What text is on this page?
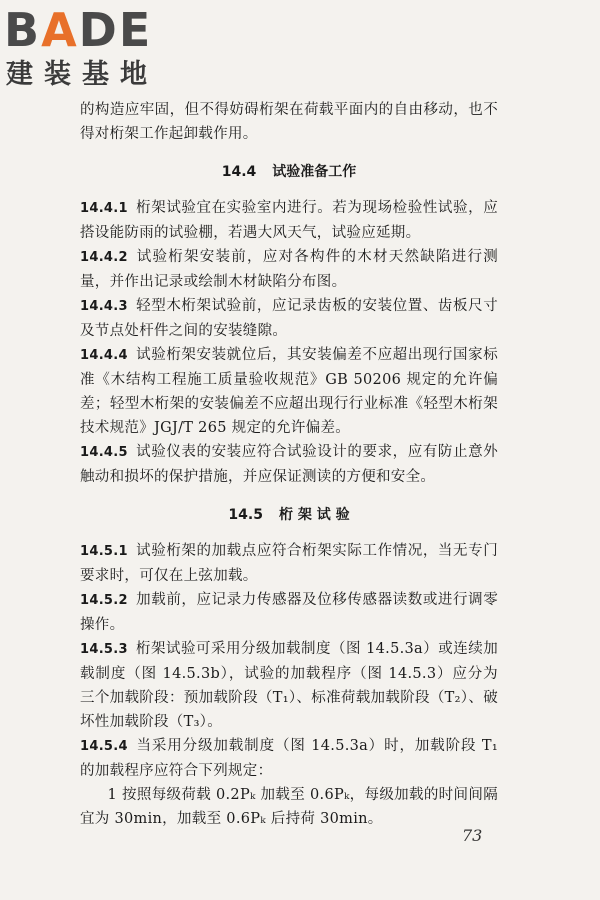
BADE
建装基地

的构造应牢固，但不得妨碍桁架在荷载平面内的自由移动，也不得对桁架工作起卸载作用。

14.4 试验准备工作

14.4.1 桁架试验宜在实验室内进行。若为现场检验性试验，应搭设能防雨的试验棚，若遇大风天气，试验应延期。

14.4.2 试验桁架安装前，应对各构件的木材天然缺陷进行测量，并作出记录或绘制木材缺陷分布图。

14.4.3 轻型木桁架试验前，应记录齿板的安装位置、齿板尺寸及节点处杆件之间的安装缝隙。

14.4.4 试验桁架安装就位后，其安装偏差不应超出现行国家标准《木结构工程施工质量验收规范》GB 50206 规定的允许偏差；轻型木桁架的安装偏差不应超出现行行业标准《轻型木桁架技术规范》JGJ/T 265 规定的允许偏差。

14.4.5 试验仪表的安装应符合试验设计的要求，应有防止意外触动和损坏的保护措施，并应保证测读的方便和安全。

14.5 桁 架 试 验

14.5.1 试验桁架的加载点应符合桁架实际工作情况，当无专门要求时，可仅在上弦加载。

14.5.2 加载前，应记录力传感器及位移传感器读数或进行调零操作。

14.5.3 桁架试验可采用分级加载制度（图 14.5.3a）或连续加载制度（图 14.5.3b），试验的加载程序（图 14.5.3）应分为三个加载阶段：预加载阶段（T₁）、标准荷载加载阶段（T₂）、破坏性加载阶段（T₃）。

14.5.4 当采用分级加载制度（图 14.5.3a）时，加载阶段 T₁ 的加载程序应符合下列规定：

1 按照每级荷载 0.2Pₖ 加载至 0.6Pₖ，每级加载的时间间隔宜为 30min，加载至 0.6Pₖ 后持荷 30min。

73
